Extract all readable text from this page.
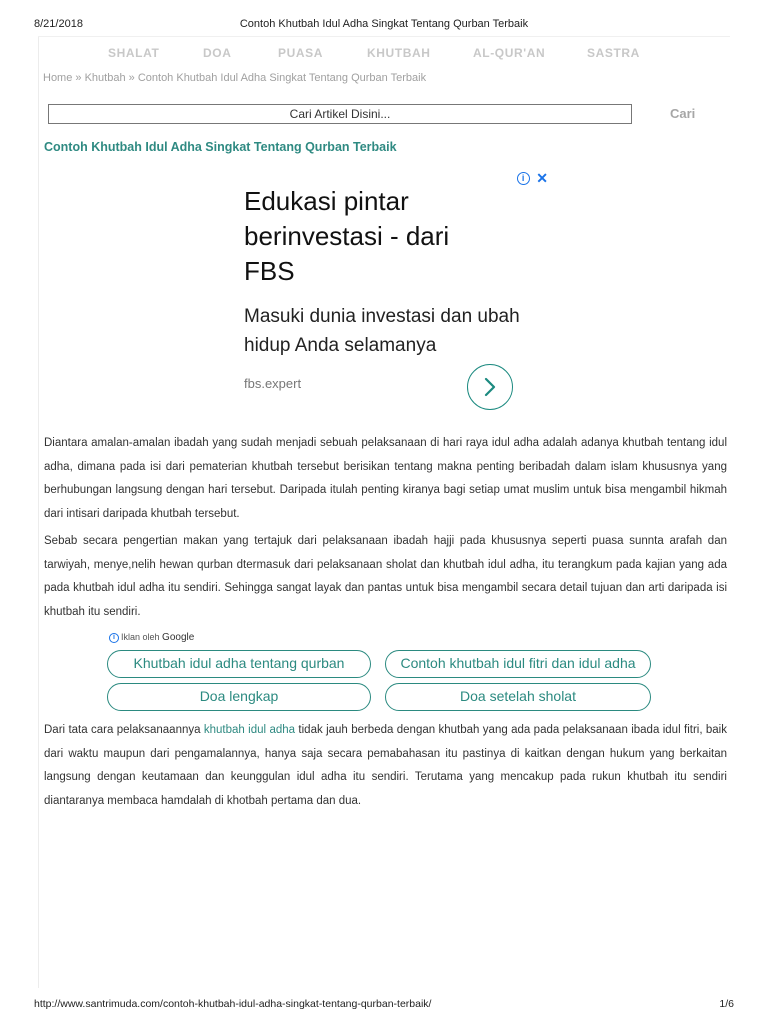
8/21/2018	Contoh Khutbah Idul Adha Singkat Tentang Qurban Terbaik
SHALAT	DOA	PUASA	KHUTBAH	AL-QUR'AN	SASTRA
Home » Khutbah » Contoh Khutbah Idul Adha Singkat Tentang Qurban Terbaik
Cari Artikel Disini...
Cari
Contoh Khutbah Idul Adha Singkat Tentang Qurban Terbaik
i ✕

Edukasi pintar berinvestasi - dari FBS

Masuki dunia investasi dan ubah hidup Anda selamanya

fbs.expert

Diantara amalan-amalan ibadah yang sudah menjadi sebuah pelaksanaan di hari raya idul adha adalah adanya khutbah tentang idul adha, dimana pada isi dari pematerian khutbah tersebut berisikan tentang makna penting beribadah dalam islam khususnya yang berhubungan langsung dengan hari tersebut. Daripada itulah penting kiranya bagi setiap umat muslim untuk bisa mengambil hikmah dari intisari daripada khutbah tersebut.

Sebab secara pengertian makan yang tertajuk dari pelaksanaan ibadah hajji pada khususnya seperti puasa sunnta arafah dan tarwiyah, menye,nelih hewan qurban dtermasuk dari pelaksanaan sholat dan khutbah idul adha, itu terangkum pada kajian yang ada pada khutbah idul adha itu sendiri. Sehingga sangat layak dan pantas untuk bisa mengambil secara detail tujuan dan arti daripada isi khutbah itu sendiri.

i Iklan oleh Google
Khutbah idul adha tentang qurban	Contoh khutbah idul fitri dan idul adha
Doa lengkap	Doa setelah sholat

Dari tata cara pelaksanaannya khutbah idul adha tidak jauh berbeda dengan khutbah yang ada pada pelaksanaan ibada idul fitri, baik dari waktu maupun dari pengamalannya, hanya saja secara pemabahasan itu pastinya di kaitkan dengan hukum yang berkaitan langsung dengan keutamaan dan keunggulan idul adha itu sendiri. Terutama yang mencakup pada rukun khutbah itu sendiri diantaranya membaca hamdalah di khotbah pertama dan dua.

http://www.santrimuda.com/contoh-khutbah-idul-adha-singkat-tentang-qurban-terbaik/	1/6
